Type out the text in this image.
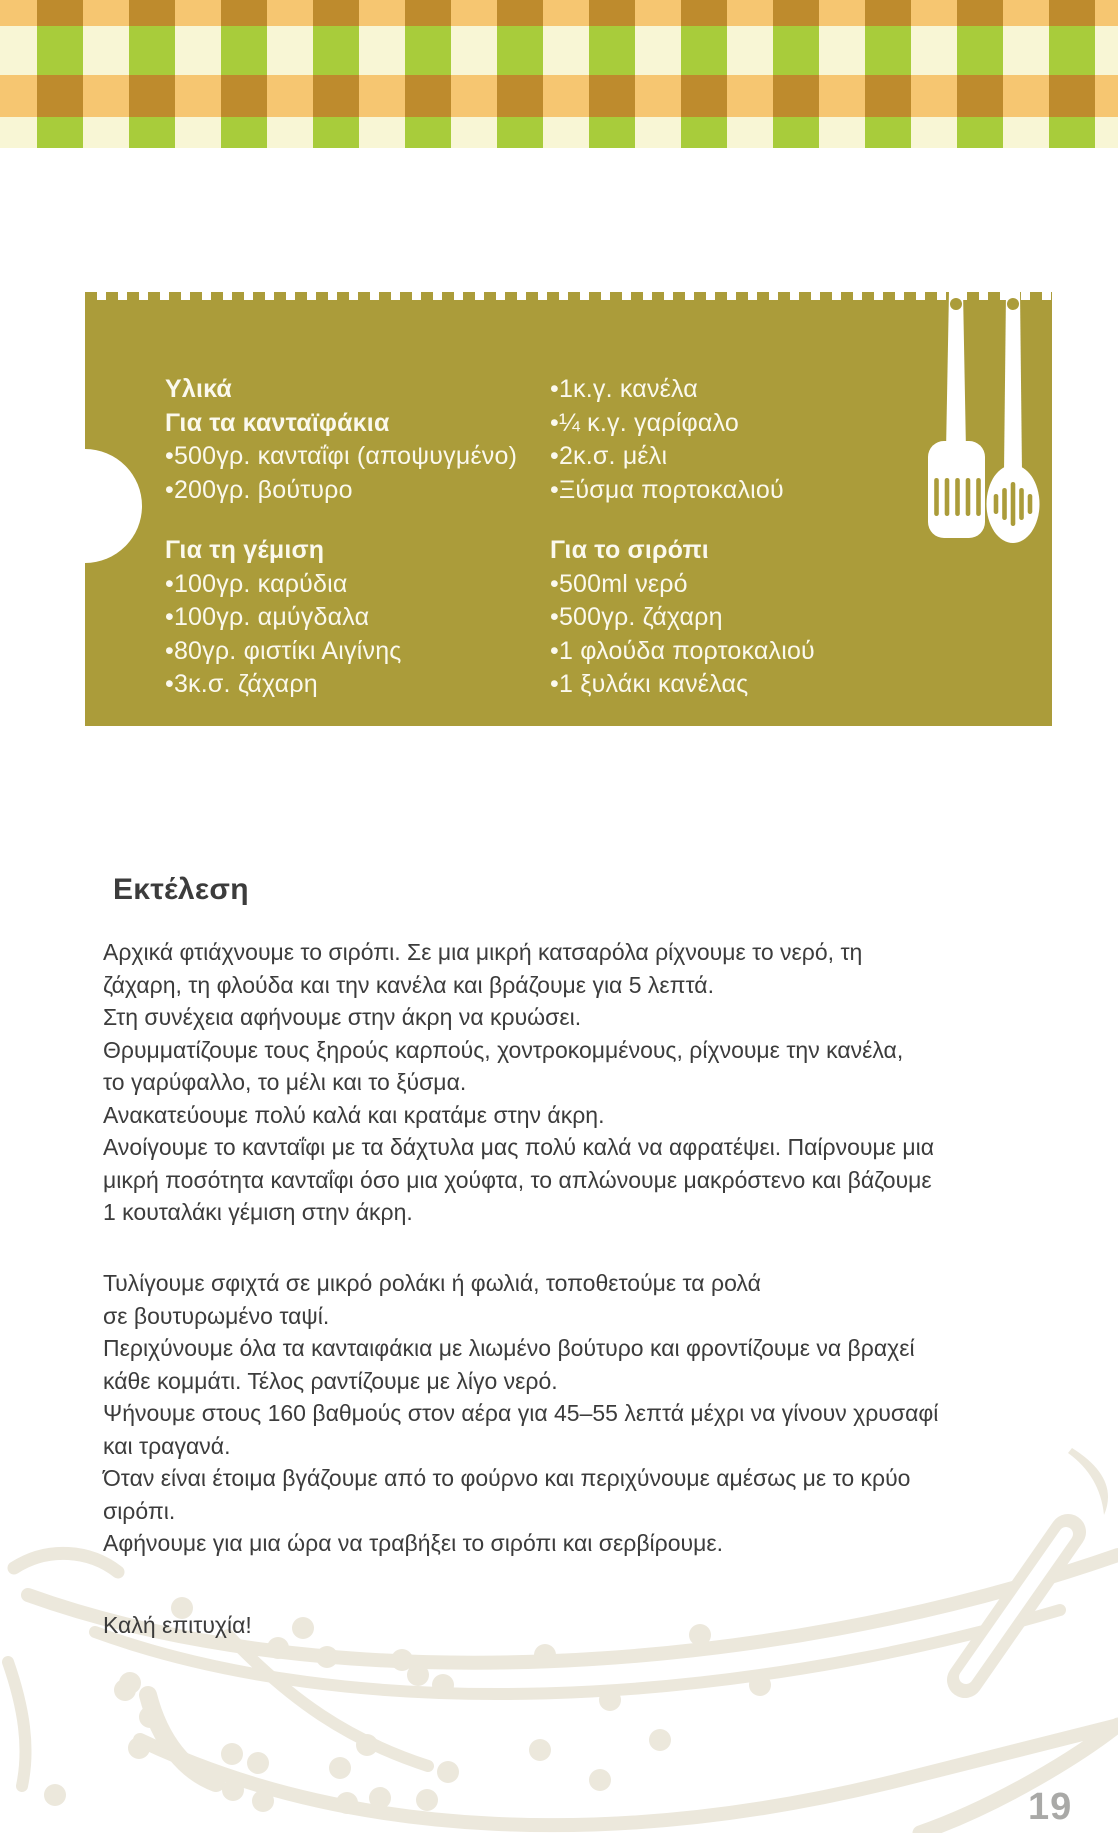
Υλικά
Για τα κανταϊφάκια
•500γρ. κανταΐφι (αποψυγμένο)
•200γρ. βούτυρο
Για τη γέμιση
•100γρ. καρύδια
•100γρ. αμύγδαλα
•80γρ. φιστίκι Αιγίνης
•3κ.σ. ζάχαρη
•1κ.γ. κανέλα
•¼ κ.γ. γαρίφαλο
•2κ.σ. μέλι
•Ξύσμα πορτοκαλιού
Για το σιρόπι
•500ml νερό
•500γρ. ζάχαρη
•1 φλούδα πορτοκαλιού
•1 ξυλάκι κανέλας
Εκτέλεση
Αρχικά φτιάχνουμε το σιρόπι. Σε μια μικρή κατσαρόλα ρίχνουμε το νερό, τη
ζάχαρη, τη φλούδα και την κανέλα και βράζουμε για 5 λεπτά.
Στη συνέχεια αφήνουμε στην άκρη να κρυώσει.
Θρυμματίζουμε τους ξηρούς καρπούς, χοντροκομμένους, ρίχνουμε την κανέλα,
το γαρύφαλλο, το μέλι και το ξύσμα.
Ανακατεύουμε πολύ καλά και κρατάμε στην άκρη.
Ανοίγουμε το κανταΐφι με τα δάχτυλα μας πολύ καλά να αφρατέψει. Παίρνουμε μια
μικρή ποσότητα κανταΐφι όσο μια χούφτα, το απλώνουμε μακρόστενο και βάζουμε
1 κουταλάκι γέμιση στην άκρη.
Τυλίγουμε σφιχτά σε μικρό ρολάκι ή φωλιά, τοποθετούμε τα ρολά
σε βουτυρωμένο ταψί.
Περιχύνουμε όλα τα κανταιφάκια με λιωμένο βούτυρο και φροντίζουμε να βραχεί
κάθε κομμάτι. Τέλος ραντίζουμε με λίγο νερό.
Ψήνουμε στους 160 βαθμούς στον αέρα για 45–55 λεπτά μέχρι να γίνουν χρυσαφί
και τραγανά.
Όταν είναι έτοιμα βγάζουμε από το φούρνο και περιχύνουμε αμέσως με το κρύο
σιρόπι.
Αφήνουμε για μια ώρα να τραβήξει το σιρόπι και σερβίρουμε.
Καλή επιτυχία!
19
